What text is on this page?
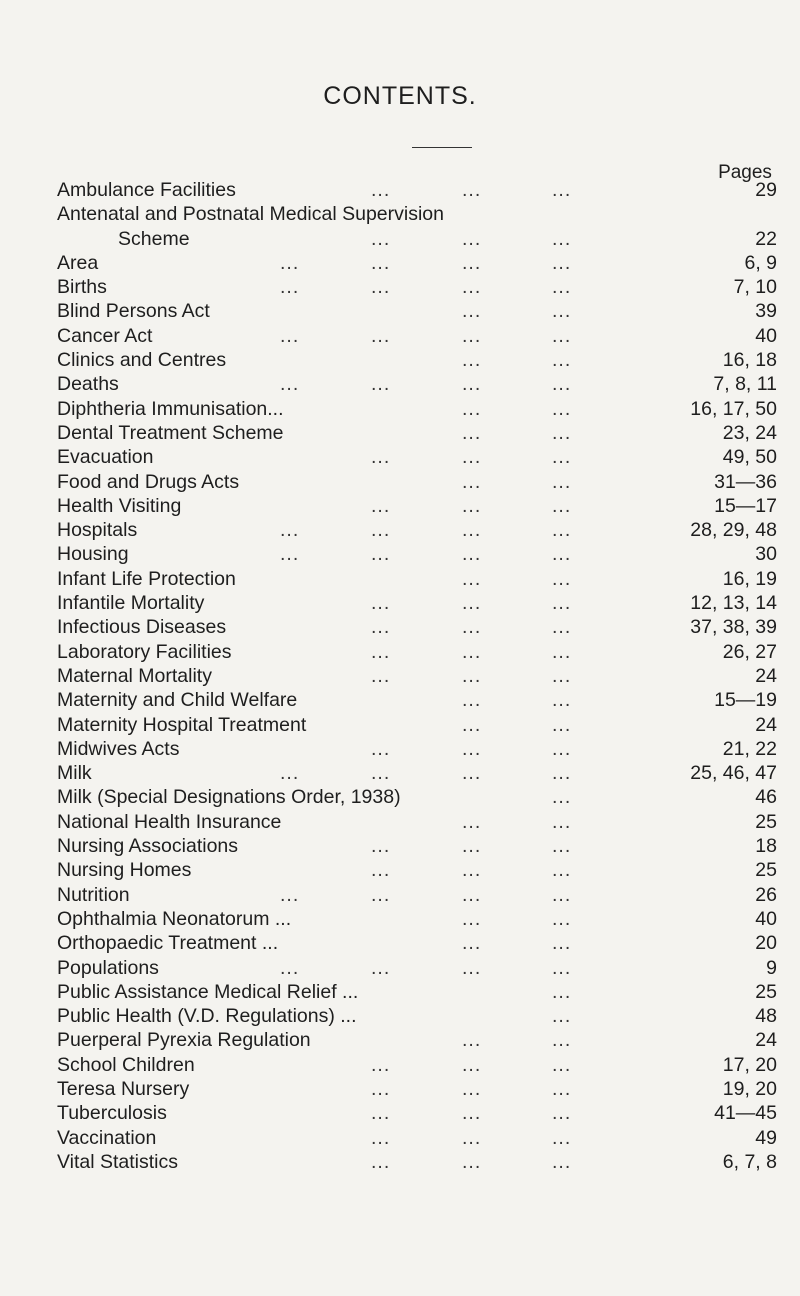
CONTENTS.
Pages
Ambulance Facilities	...	...	...	29
Antenatal and Postnatal Medical Supervision
Scheme	...	...	...	22
Area	...	...	...	...	6, 9
Births	...	...	...	...	7, 10
Blind Persons Act	...	...	39
Cancer Act	...	...	...	...	40
Clinics and Centres	...	...	16, 18
Deaths	...	...	...	...	7, 8, 11
Diphtheria Immunisation...	...	...	16, 17, 50
Dental Treatment Scheme	...	...	23, 24
Evacuation	...	...	...	49, 50
Food and Drugs Acts	...	...	31—36
Health Visiting	...	...	...	15—17
Hospitals	...	...	...	...	28, 29, 48
Housing	...	...	...	...	30
Infant Life Protection	...	...	16, 19
Infantile Mortality	...	...	...	12, 13, 14
Infectious Diseases	...	...	...	37, 38, 39
Laboratory Facilities	...	...	...	26, 27
Maternal Mortality	...	...	...	24
Maternity and Child Welfare	...	...	15—19
Maternity Hospital Treatment	...	...	24
Midwives Acts	...	...	...	21, 22
Milk	...	...	...	...	25, 46, 47
Milk (Special Designations Order, 1938)	...	46
National Health Insurance	...	...	25
Nursing Associations	...	...	...	18
Nursing Homes	...	...	...	25
Nutrition	...	...	...	...	26
Ophthalmia Neonatorum ...	...	...	40
Orthopaedic Treatment ...	...	...	20
Populations	...	...	...	...	9
Public Assistance Medical Relief ...	...	25
Public Health (V.D. Regulations) ...	...	48
Puerperal Pyrexia Regulation	...	...	24
School Children	...	...	...	17, 20
Teresa Nursery	...	...	...	19, 20
Tuberculosis	...	...	...	41—45
Vaccination	...	...	...	49
Vital Statistics	...	...	...	6, 7, 8
